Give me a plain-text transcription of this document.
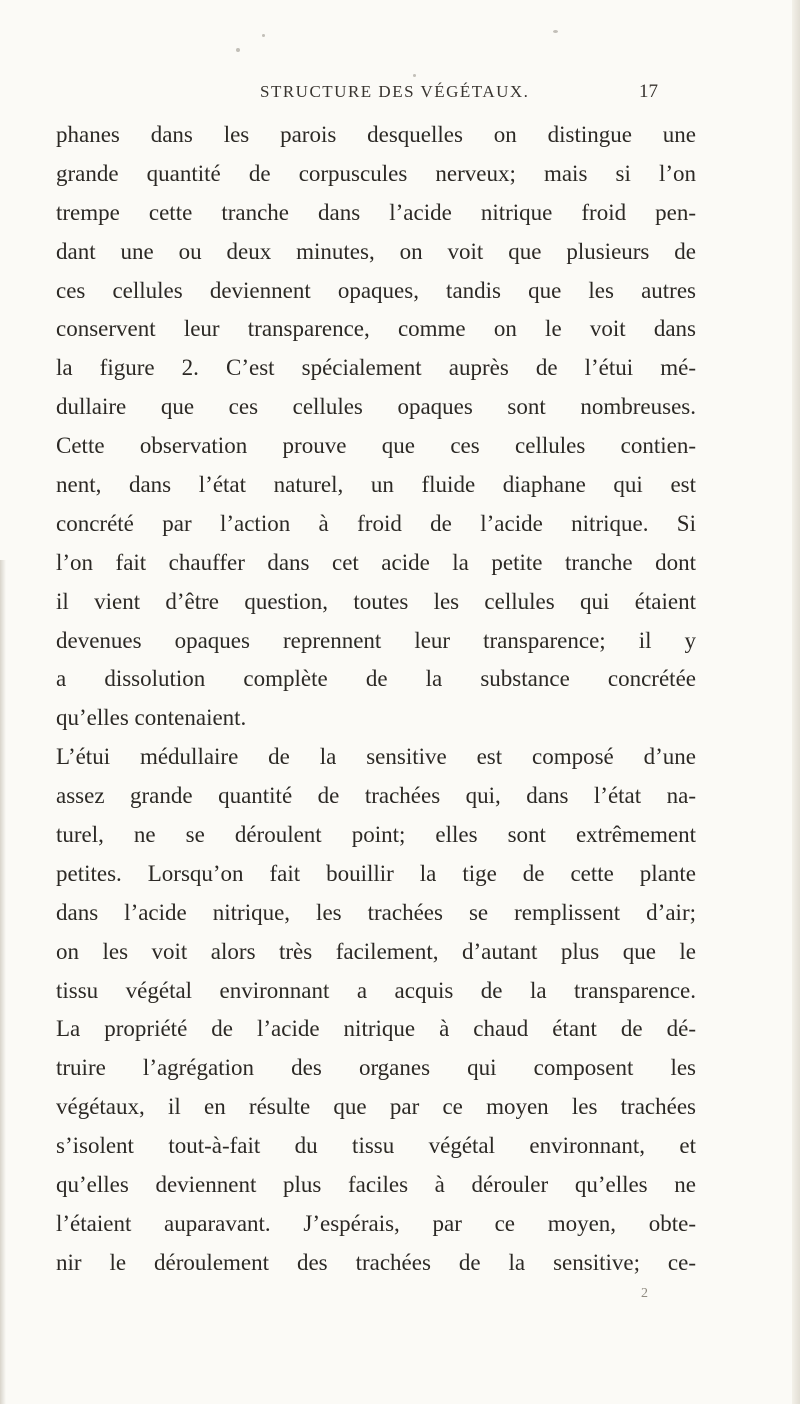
STRUCTURE DES VÉGÉTAUX.	17
phanes dans les parois desquelles on distingue une
grande quantité de corpuscules nerveux; mais si l’on
trempe cette tranche dans l’acide nitrique froid pen-
dant une ou deux minutes, on voit que plusieurs de
ces cellules deviennent opaques, tandis que les autres
conservent leur transparence, comme on le voit dans
la figure 2. C’est spécialement auprès de l’étui mé-
dullaire que ces cellules opaques sont nombreuses.
Cette observation prouve que ces cellules contien-
nent, dans l’état naturel, un fluide diaphane qui est
concrété par l’action à froid de l’acide nitrique. Si
l’on fait chauffer dans cet acide la petite tranche dont
il vient d’être question, toutes les cellules qui étaient
devenues opaques reprennent leur transparence; il y
a dissolution complète de la substance concrétée
qu’elles contenaient.
L’étui médullaire de la sensitive est composé d’une
assez grande quantité de trachées qui, dans l’état na-
turel, ne se déroulent point; elles sont extrêmement
petites. Lorsqu’on fait bouillir la tige de cette plante
dans l’acide nitrique, les trachées se remplissent d’air;
on les voit alors très facilement, d’autant plus que le
tissu végétal environnant a acquis de la transparence.
La propriété de l’acide nitrique à chaud étant de dé-
truire l’agrégation des organes qui composent les
végétaux, il en résulte que par ce moyen les trachées
s’isolent tout-à-fait du tissu végétal environnant, et
qu’elles deviennent plus faciles à dérouler qu’elles ne
l’étaient auparavant. J’espérais, par ce moyen, obte-
nir le déroulement des trachées de la sensitive; ce-
2
